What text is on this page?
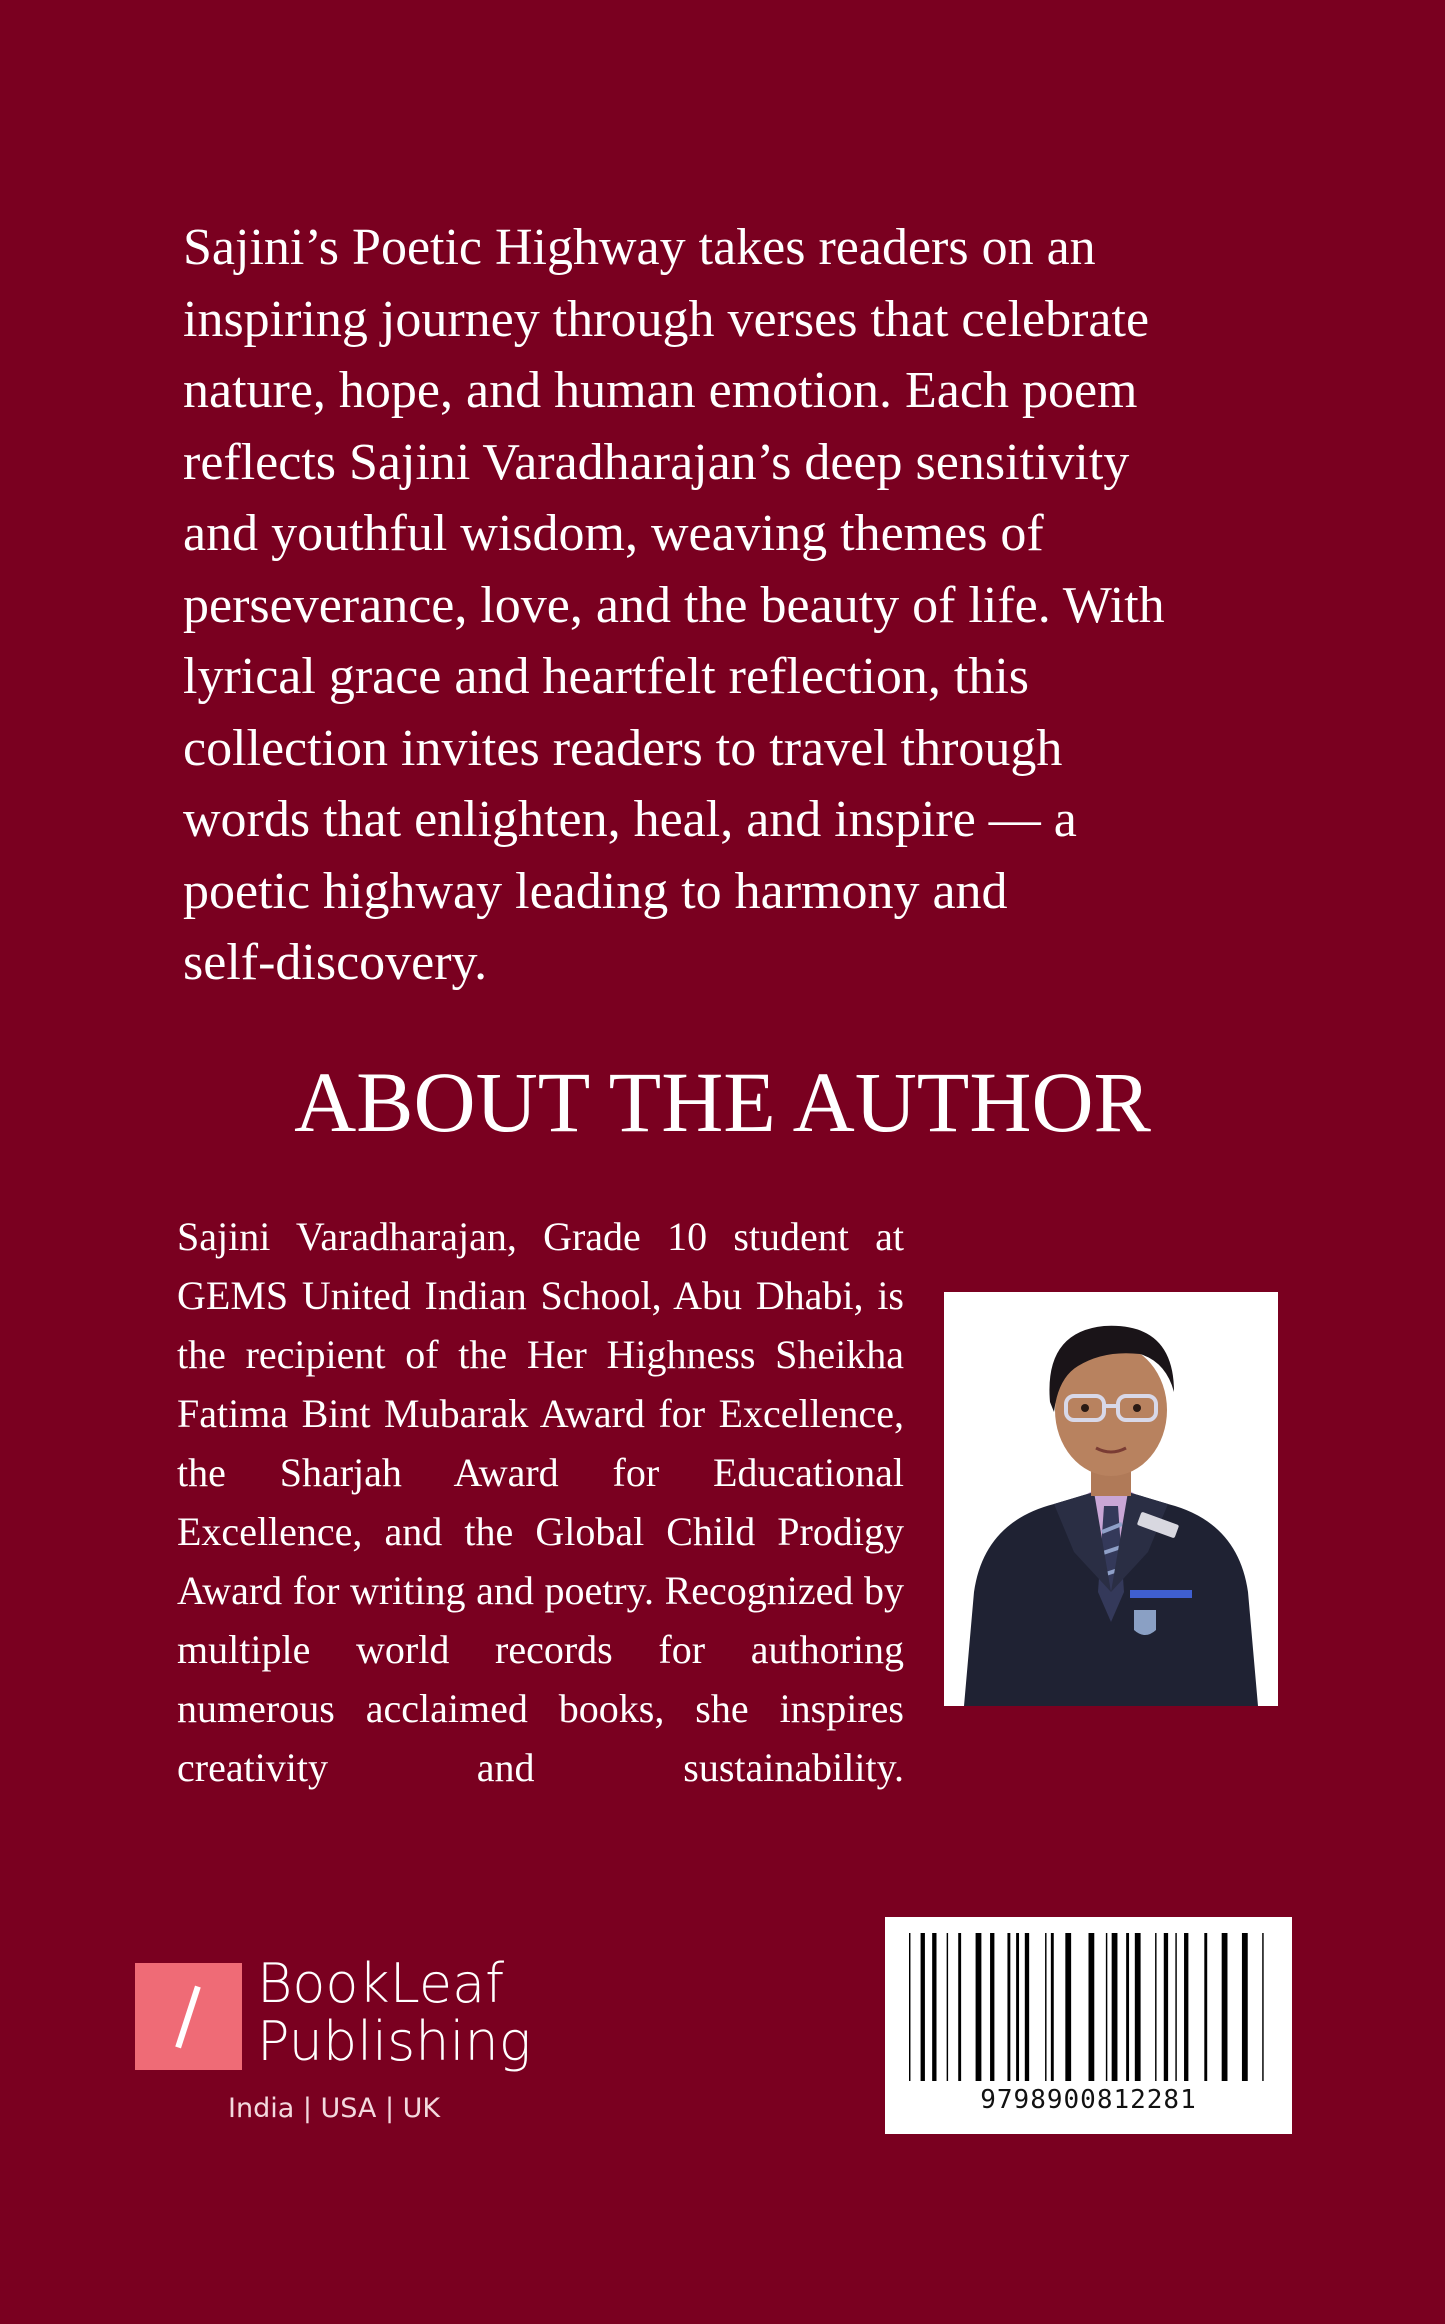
Sajini’s Poetic Highway takes readers on an
inspiring journey through verses that celebrate
nature, hope, and human emotion. Each poem
reflects Sajini Varadharajan’s deep sensitivity
and youthful wisdom, weaving themes of
perseverance, love, and the beauty of life. With
lyrical grace and heartfelt reflection, this
collection invites readers to travel through
words that enlighten, heal, and inspire — a
poetic highway leading to harmony and
self-discovery.

ABOUT THE AUTHOR

Sajini Varadharajan, Grade 10 student at GEMS United Indian School, Abu Dhabi, is the recipient of the Her Highness Sheikha Fatima Bint Mubarak Award for Excellence, the Sharjah Award for Educational Excellence, and the Global Child Prodigy Award for writing and poetry. Recognized by multiple world records for authoring numerous acclaimed books, she inspires creativity and sustainability.

BookLeaf
Publishing
India | USA | UK	9798900812281
